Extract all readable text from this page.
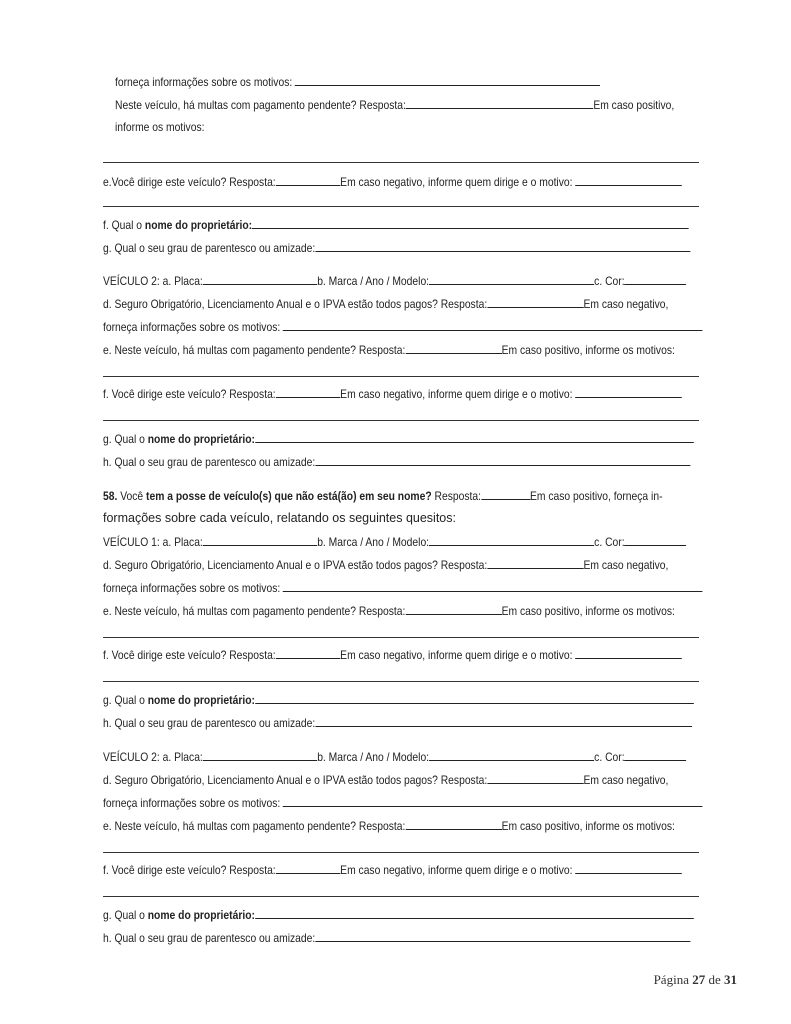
forneça informações sobre os motivos:
Neste veículo, há multas com pagamento pendente? Resposta:	Em caso positivo,
informe os motivos:
e.Você dirige este veículo? Resposta:	Em caso negativo, informe quem dirige e o motivo:
f. Qual o nome do proprietário:
g. Qual o seu grau de parentesco ou amizade:
VEÍCULO 2: a. Placa:	b. Marca / Ano / Modelo:	c. Cor:
d. Seguro Obrigatório, Licenciamento Anual e o IPVA estão todos pagos? Resposta:	Em caso negativo,
forneça informações sobre os motivos:
e. Neste veículo, há multas com pagamento pendente? Resposta:	Em caso positivo, informe os motivos:
f. Você dirige este veículo? Resposta:	Em caso negativo, informe quem dirige e o motivo:
g. Qual o nome do proprietário:
h. Qual o seu grau de parentesco ou amizade:
58. Você tem a posse de veículo(s) que não está(ão) em seu nome? Resposta:	Em caso positivo, forneça in-
formações sobre cada veículo, relatando os seguintes quesitos:
VEÍCULO 1: a. Placa:	b. Marca / Ano / Modelo:	c. Cor:
d. Seguro Obrigatório, Licenciamento Anual e o IPVA estão todos pagos? Resposta:	Em caso negativo,
forneça informações sobre os motivos:
e. Neste veículo, há multas com pagamento pendente? Resposta:	Em caso positivo, informe os motivos:
f. Você dirige este veículo? Resposta:	Em caso negativo, informe quem dirige e o motivo:
g. Qual o nome do proprietário:
h. Qual o seu grau de parentesco ou amizade:
VEÍCULO 2: a. Placa:	b. Marca / Ano / Modelo:	c. Cor:
d. Seguro Obrigatório, Licenciamento Anual e o IPVA estão todos pagos? Resposta:	Em caso negativo,
forneça informações sobre os motivos:
e. Neste veículo, há multas com pagamento pendente? Resposta:	Em caso positivo, informe os motivos:
f. Você dirige este veículo? Resposta:	Em caso negativo, informe quem dirige e o motivo:
g. Qual o nome do proprietário:
h. Qual o seu grau de parentesco ou amizade:
Página 27 de 31
